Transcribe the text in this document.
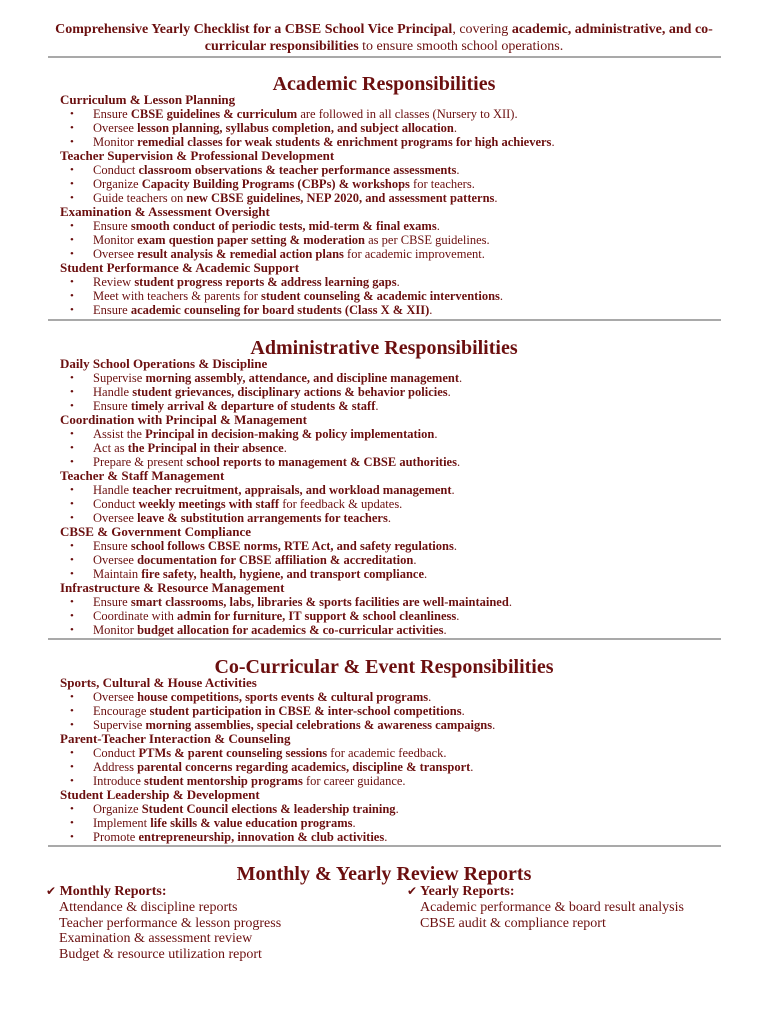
Comprehensive Yearly Checklist for a CBSE School Vice Principal, covering academic, administrative, and co-curricular responsibilities to ensure smooth school operations.
Academic Responsibilities
Curriculum & Lesson Planning
• Ensure CBSE guidelines & curriculum are followed in all classes (Nursery to XII).
• Oversee lesson planning, syllabus completion, and subject allocation.
• Monitor remedial classes for weak students & enrichment programs for high achievers.
Teacher Supervision & Professional Development
• Conduct classroom observations & teacher performance assessments.
• Organize Capacity Building Programs (CBPs) & workshops for teachers.
• Guide teachers on new CBSE guidelines, NEP 2020, and assessment patterns.
Examination & Assessment Oversight
• Ensure smooth conduct of periodic tests, mid-term & final exams.
• Monitor exam question paper setting & moderation as per CBSE guidelines.
• Oversee result analysis & remedial action plans for academic improvement.
Student Performance & Academic Support
• Review student progress reports & address learning gaps.
• Meet with teachers & parents for student counseling & academic interventions.
• Ensure academic counseling for board students (Class X & XII).
Administrative Responsibilities
Daily School Operations & Discipline
• Supervise morning assembly, attendance, and discipline management.
• Handle student grievances, disciplinary actions & behavior policies.
• Ensure timely arrival & departure of students & staff.
Coordination with Principal & Management
• Assist the Principal in decision-making & policy implementation.
• Act as the Principal in their absence.
• Prepare & present school reports to management & CBSE authorities.
Teacher & Staff Management
• Handle teacher recruitment, appraisals, and workload management.
• Conduct weekly meetings with staff for feedback & updates.
• Oversee leave & substitution arrangements for teachers.
CBSE & Government Compliance
• Ensure school follows CBSE norms, RTE Act, and safety regulations.
• Oversee documentation for CBSE affiliation & accreditation.
• Maintain fire safety, health, hygiene, and transport compliance.
Infrastructure & Resource Management
• Ensure smart classrooms, labs, libraries & sports facilities are well-maintained.
• Coordinate with admin for furniture, IT support & school cleanliness.
• Monitor budget allocation for academics & co-curricular activities.
Co-Curricular & Event Responsibilities
Sports, Cultural & House Activities
• Oversee house competitions, sports events & cultural programs.
• Encourage student participation in CBSE & inter-school competitions.
• Supervise morning assemblies, special celebrations & awareness campaigns.
Parent-Teacher Interaction & Counseling
• Conduct PTMs & parent counseling sessions for academic feedback.
• Address parental concerns regarding academics, discipline & transport.
• Introduce student mentorship programs for career guidance.
Student Leadership & Development
• Organize Student Council elections & leadership training.
• Implement life skills & value education programs.
• Promote entrepreneurship, innovation & club activities.
Monthly & Yearly Review Reports
✔ Monthly Reports:
Attendance & discipline reports
Teacher performance & lesson progress
Examination & assessment review
Budget & resource utilization report
✔ Yearly Reports:
Academic performance & board result analysis
CBSE audit & compliance report
